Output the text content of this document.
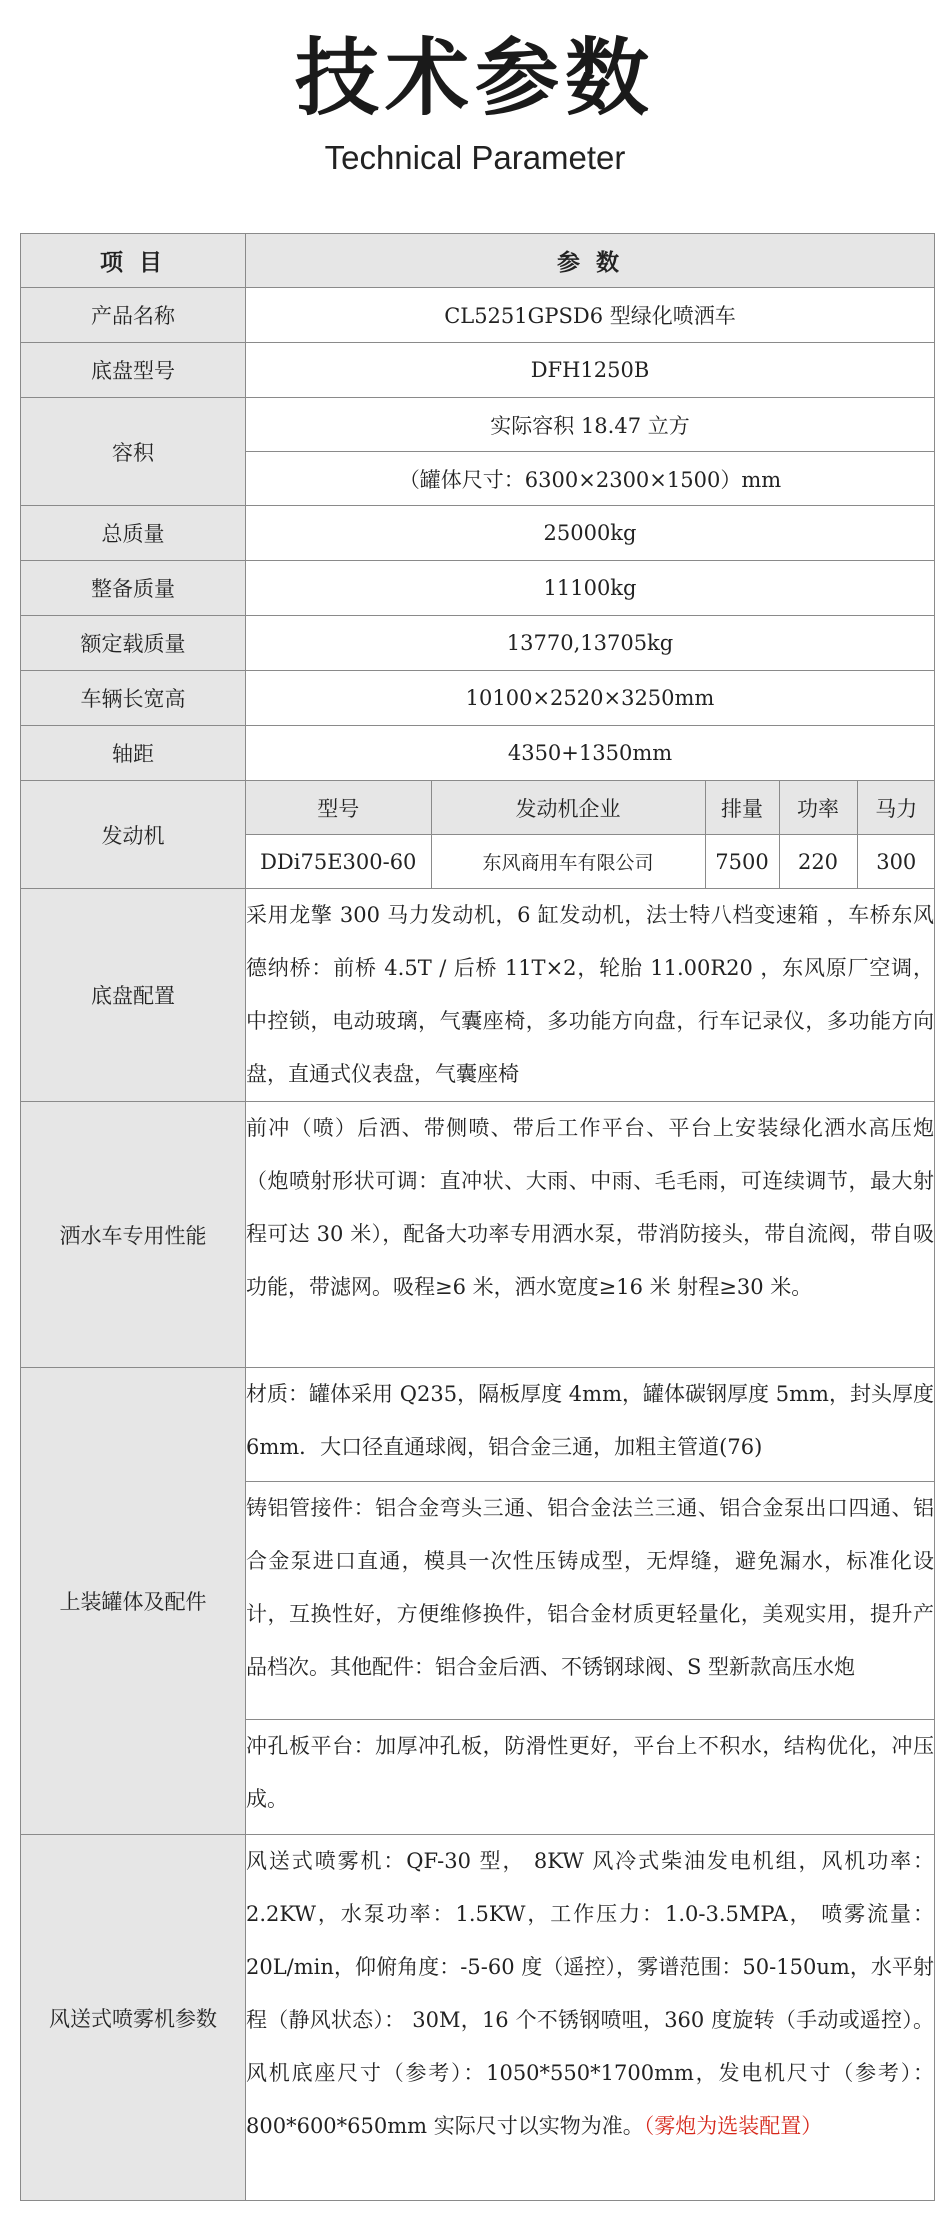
技术参数
Technical Parameter
项 目	参 数
产品名称	CL5251GPSD6 型绿化喷洒车
底盘型号	DFH1250B
容积	实际容积 18.47 立方
（罐体尺寸：6300×2300×1500）mm
总质量	25000kg
整备质量	11100kg
额定载质量	13770,13705kg
车辆长宽高	10100×2520×3250mm
轴距	4350+1350mm
发动机	
型号	发动机企业	排量	功率	马力
DDi75E300-60	东风商用车有限公司	7500	220	300

底盘配置	采用龙擎 300 马力发动机，6 缸发动机，法士特八档变速箱 ，车桥东风德纳桥：前桥 4.5T / 后桥 11T×2，轮胎 11.00R20 ，东风原厂空调，中控锁，电动玻璃，气囊座椅，多功能方向盘，行车记录仪，多功能方向盘，直通式仪表盘，气囊座椅
洒水车专用性能	前冲（喷）后洒、带侧喷、带后工作平台、平台上安装绿化洒水高压炮（炮喷射形状可调：直冲状、大雨、中雨、毛毛雨，可连续调节，最大射程可达 30 米），配备大功率专用洒水泵，带消防接头，带自流阀，带自吸功能，带滤网。吸程≥6 米，洒水宽度≥16 米 射程≥30 米。
上装罐体及配件	材质：罐体采用 Q235，隔板厚度 4mm，罐体碳钢厚度 5mm，封头厚度 6mm．大口径直通球阀，铝合金三通，加粗主管道(76)
铸铝管接件：铝合金弯头三通、铝合金法兰三通、铝合金泵出口四通、铝合金泵进口直通，模具一次性压铸成型，无焊缝，避免漏水，标准化设计，互换性好，方便维修换件，铝合金材质更轻量化，美观实用，提升产品档次。其他配件：铝合金后洒、不锈钢球阀、S 型新款高压水炮
冲孔板平台：加厚冲孔板，防滑性更好，平台上不积水，结构优化，冲压成。
风送式喷雾机参数	风送式喷雾机：QF-30 型， 8KW 风冷式柴油发电机组，风机功率：2.2KW，水泵功率：1.5KW，工作压力：1.0-3.5MPA， 喷雾流量：20L/min，仰俯角度：-5-60 度（遥控），雾谱范围：50-150um，水平射程（静风状态）： 30M，16 个不锈钢喷咀，360 度旋转（手动或遥控）。风机底座尺寸（参考）：1050*550*1700mm，发电机尺寸（参考）：800*600*650mm 实际尺寸以实物为准。（雾炮为选装配置）
